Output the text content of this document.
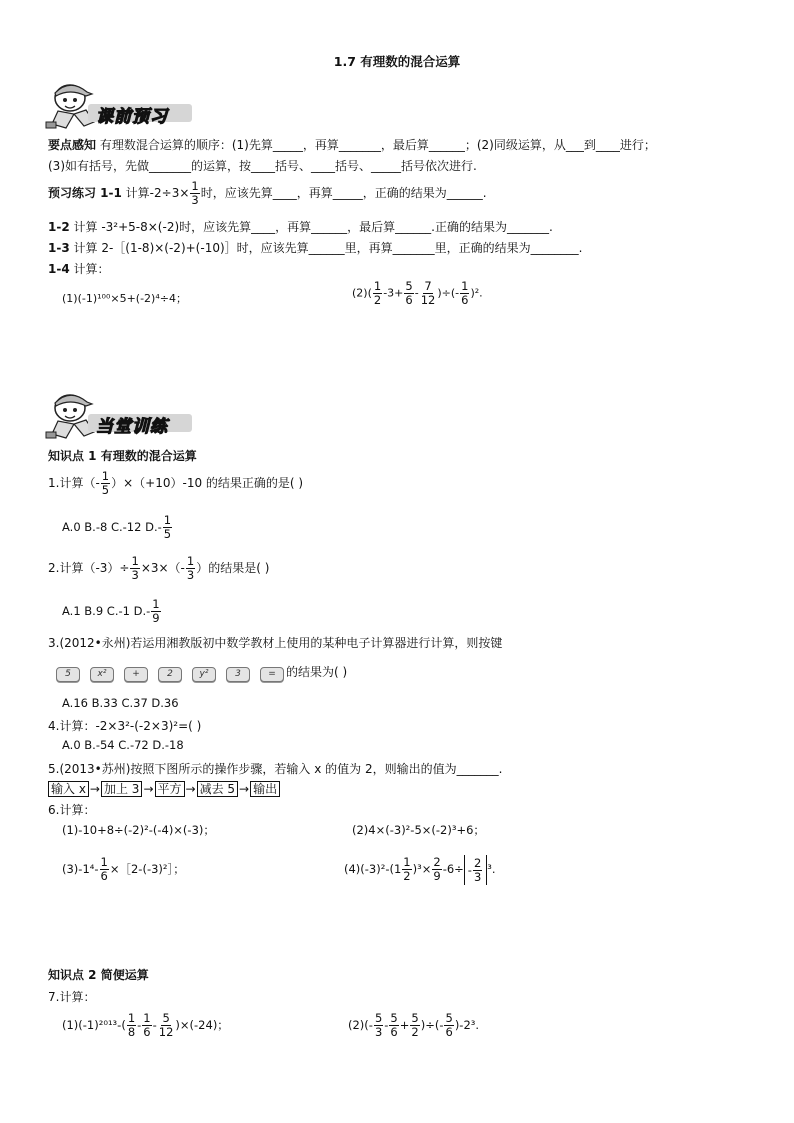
1.7 有理数的混合运算
课前预习
要点感知 有理数混合运算的顺序：(1)先算_____，再算_______，最后算______；(2)同级运算，从___到____进行；
(3)如有括号，先做_______的运算，按____括号、____括号、_____括号依次进行.
预习练习 1-1 计算$-2\div 3\times \frac{1}{3}$ 时，应该先算____，再算_____，正确的结果为______.
1-2 计算 -3²+5-8×(-2)时，应该先算____，再算______，最后算______.正确的结果为_______.
1-3 计算 2-［(1-8)×(-2)+(-10)］时，应该先算______里，再算_______里，正确的结果为________.
1-4 计算：
(1)(-1)¹⁰⁰×5+(-2)⁴÷4；	$(2)( \frac{1}{2} -3+ \frac{5}{6} - \frac{7}{12}$ )÷(- $\frac{1}{6} )^2$.
当堂训练
知识点 1 有理数的混合运算
1.计算（- $\frac{1}{5} )\times(+10)-10$ 的结果正确的是( )
A.0 B.-8 C.-12 $D.- \frac{1}{5}$
2.计算$(-3)\div \frac{1}{3} \times 3\times(- \frac{1}{3}$ ）的结果是( )
A.1 B.9 C.-1 $D.- \frac{1}{9}$
3.(2012•永州)若运用湘教版初中数学教材上使用的某种电子计算器进行计算，则按键
5	x²	+	2	y²	3	= 的结果为( )
A.16 B.33 C.37 D.36
4.计算：-2×3²-(-2×3)²=( )
A.0 B.-54 C.-72 D.-18
5.(2013•苏州)按照下图所示的操作步骤，若输入 x 的值为 2，则输出的值为_______.
输入 x → 加上 3 → 平方 → 减去 5 → 输出
6.计算：
(1)-10+8÷(-2)²-(-4)×(-3)；	(2)4×(-3)²-5×(-2)³+6；
$(3)-1^4- \frac{1}{6}$ ×［2-(-3)²］；	$(4)(-3)^2-(1 \frac{1}{2} )^3\times \frac{2}{9} -6\div - \frac{2}{3} ^3$.
知识点 2 简便运算
7.计算：
$(1)(-1)^{2013}-( \frac{1}{8} - \frac{1}{6} - \frac{5}{12} )\times(-24)$；	$(2)(- \frac{5}{3} - \frac{5}{6} + \frac{5}{2}$ )÷(- $\frac{5}{6} )-2^3$.
